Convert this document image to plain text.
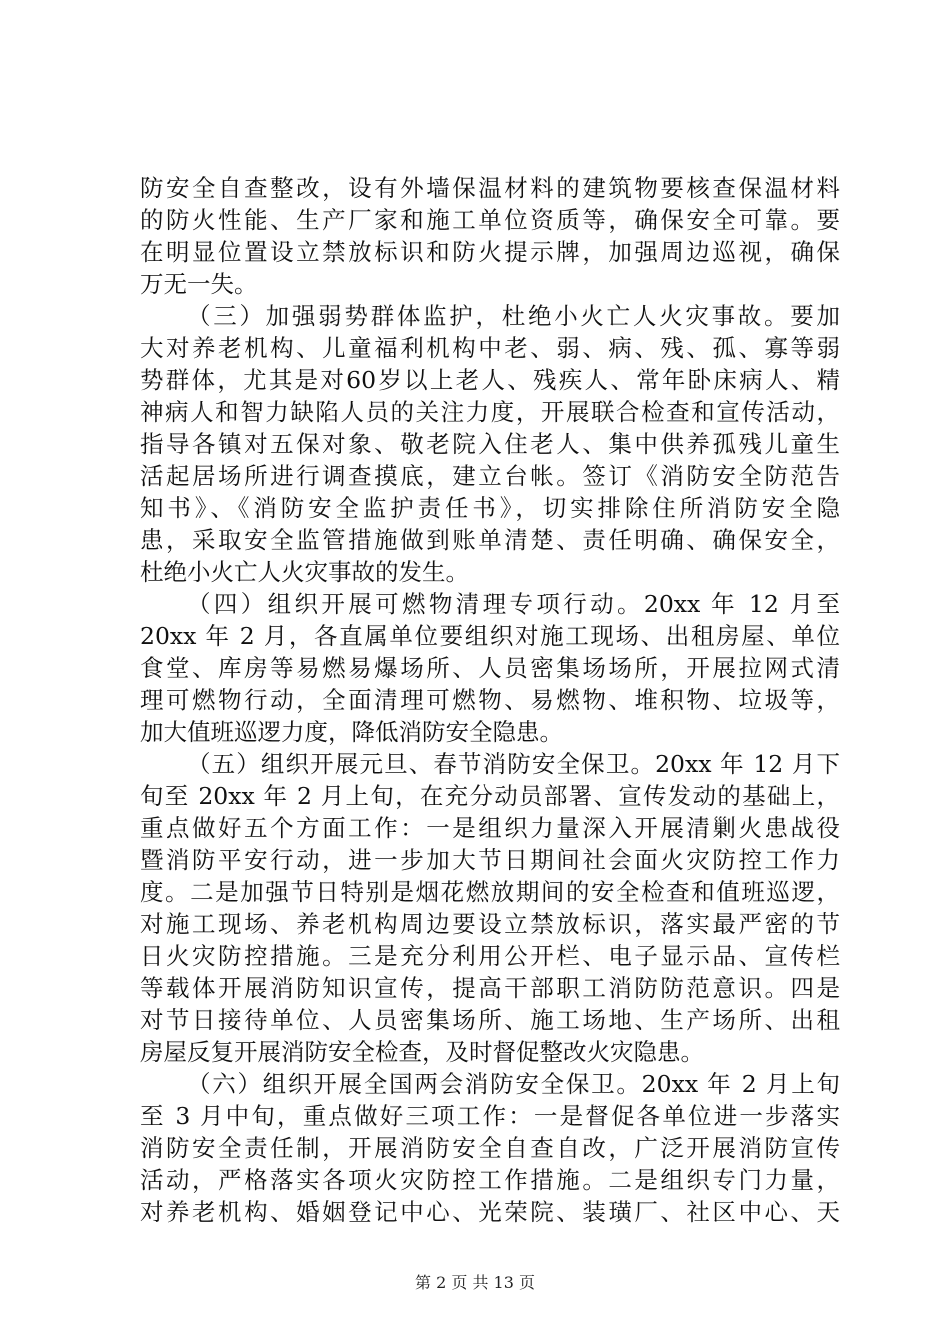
防安全自查整改，设有外墙保温材料的建筑物要核查保温材料
的防火性能、生产厂家和施工单位资质等，确保安全可靠。要
在明显位置设立禁放标识和防火提示牌，加强周边巡视，确保
万无一失。
（三）加强弱势群体监护，杜绝小火亡人火灾事故。要加
大对养老机构、儿童福利机构中老、弱、病、残、孤、寡等弱
势群体，尤其是对60岁以上老人、残疾人、常年卧床病人、精
神病人和智力缺陷人员的关注力度，开展联合检查和宣传活动，
指导各镇对五保对象、敬老院入住老人、集中供养孤残儿童生
活起居场所进行调查摸底，建立台帐。签订《消防安全防范告
知书》、《消防安全监护责任书》，切实排除住所消防安全隐
患，采取安全监管措施做到账单清楚、责任明确、确保安全，
杜绝小火亡人火灾事故的发生。
（四）组织开展可燃物清理专项行动。20xx 年 12 月至
20xx 年 2 月，各直属单位要组织对施工现场、出租房屋、单位
食堂、库房等易燃易爆场所、人员密集场场所，开展拉网式清
理可燃物行动，全面清理可燃物、易燃物、堆积物、垃圾等，
加大值班巡逻力度，降低消防安全隐患。
（五）组织开展元旦、春节消防安全保卫。20xx 年 12 月下
旬至 20xx 年 2 月上旬，在充分动员部署、宣传发动的基础上，
重点做好五个方面工作：一是组织力量深入开展清剿火患战役
暨消防平安行动，进一步加大节日期间社会面火灾防控工作力
度。二是加强节日特别是烟花燃放期间的安全检查和值班巡逻，
对施工现场、养老机构周边要设立禁放标识，落实最严密的节
日火灾防控措施。三是充分利用公开栏、电子显示品、宣传栏
等载体开展消防知识宣传，提高干部职工消防防范意识。四是
对节日接待单位、人员密集场所、施工场地、生产场所、出租
房屋反复开展消防安全检查，及时督促整改火灾隐患。
（六）组织开展全国两会消防安全保卫。20xx 年 2 月上旬
至 3 月中旬，重点做好三项工作：一是督促各单位进一步落实
消防安全责任制，开展消防安全自查自改，广泛开展消防宣传
活动，严格落实各项火灾防控工作措施。二是组织专门力量，
对养老机构、婚姻登记中心、光荣院、装璜厂、社区中心、天
第 2 页 共 13 页
